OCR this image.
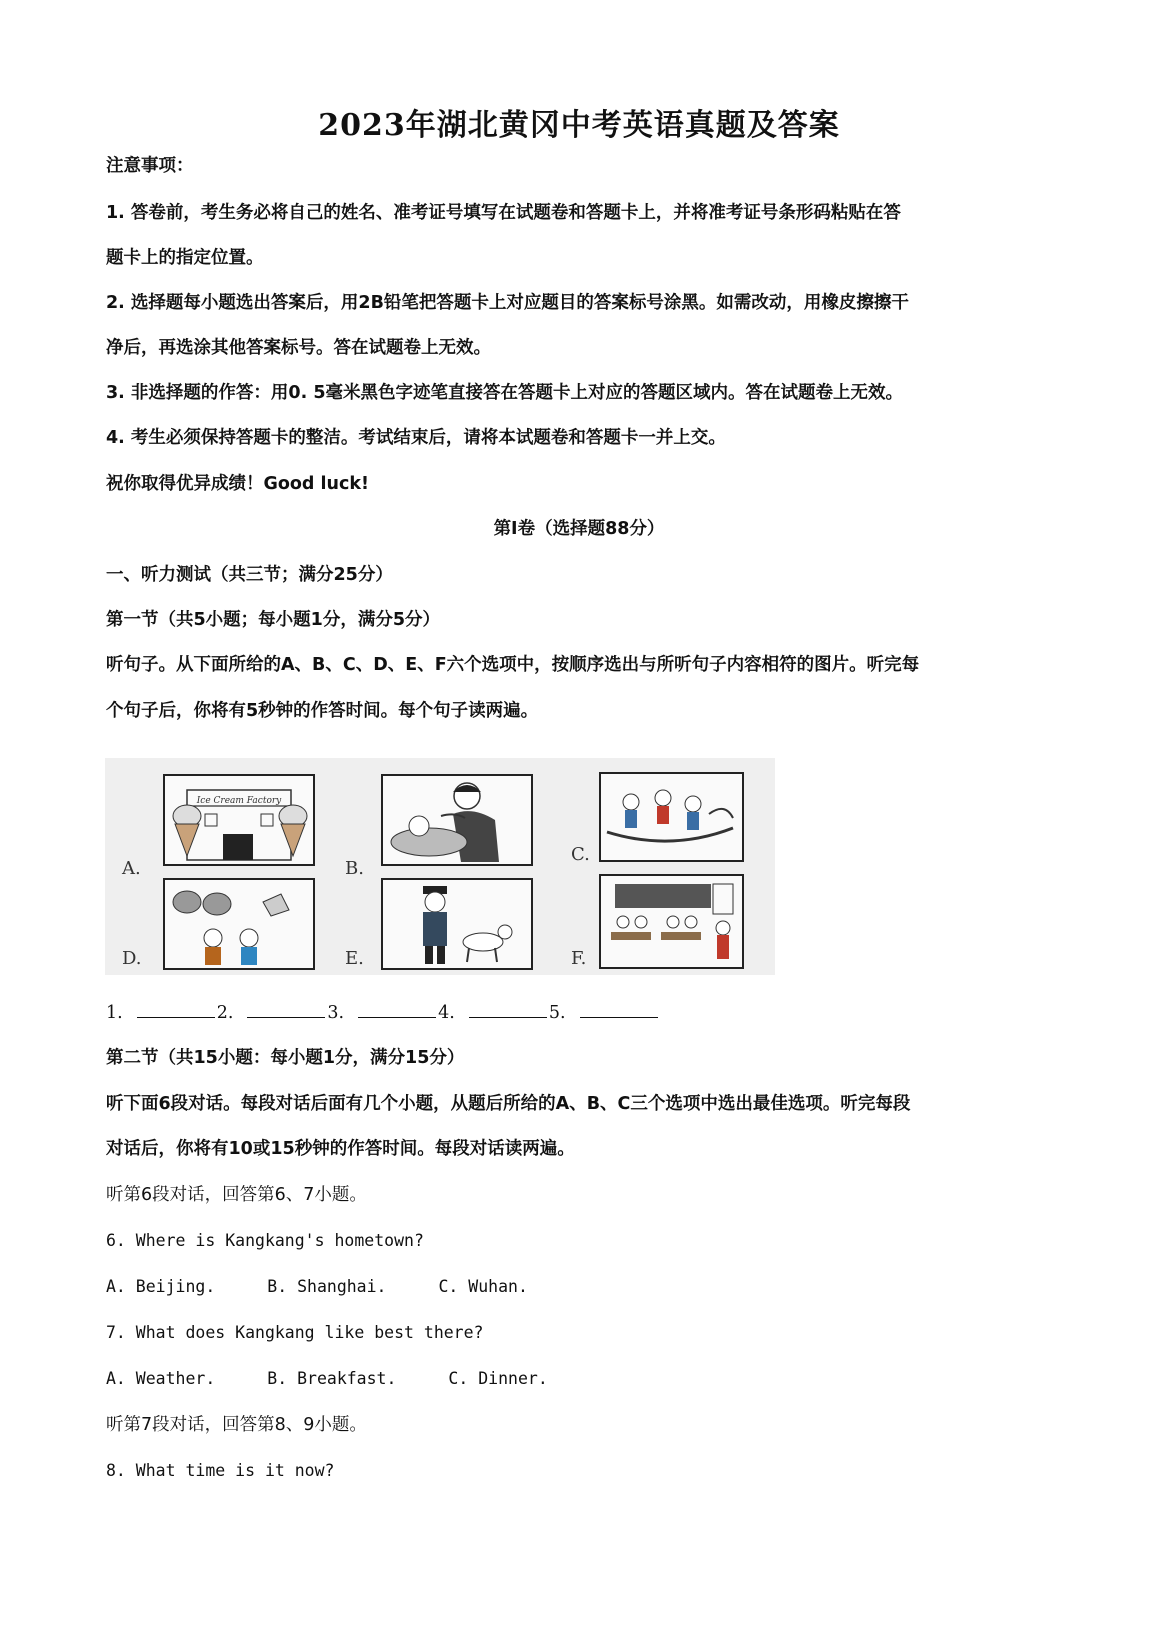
2023年湖北黄冈中考英语真题及答案
注意事项：
1. 答卷前，考生务必将自己的姓名、准考证号填写在试题卷和答题卡上，并将准考证号条形码粘贴在答
题卡上的指定位置。
2. 选择题每小题选出答案后，用2B铅笔把答题卡上对应题目的答案标号涂黑。如需改动，用橡皮擦擦干
净后，再选涂其他答案标号。答在试题卷上无效。
3. 非选择题的作答：用0. 5毫米黑色字迹笔直接答在答题卡上对应的答题区域内。答在试题卷上无效。
4. 考生必须保持答题卡的整洁。考试结束后，请将本试题卷和答题卡一并上交。
祝你取得优异成绩！Good luck!
第Ⅰ卷（选择题88分）
一、听力测试（共三节；满分25分）
第一节（共5小题；每小题1分，满分5分）
听句子。从下面所给的A、B、C、D、E、F六个选项中，按顺序选出与所听句子内容相符的图片。听完每
个句子后，你将有5秒钟的作答时间。每个句子读两遍。
A.
Ice Cream Factory
B.
C.
D.	E.	F.
1.	2.	3.	4.	5.
第二节（共15小题：每小题1分，满分15分）
听下面6段对话。每段对话后面有几个小题，从题后所给的A、B、C三个选项中选出最佳选项。听完每段
对话后，你将有10或15秒钟的作答时间。每段对话读两遍。
听第6段对话，回答第6、7小题。
6. Where is Kangkang's hometown?
A. Beijing.	B. Shanghai.	C. Wuhan.
7. What does Kangkang like best there?
A. Weather.	B. Breakfast.	C. Dinner.
听第7段对话，回答第8、9小题。
8. What time is it now?
